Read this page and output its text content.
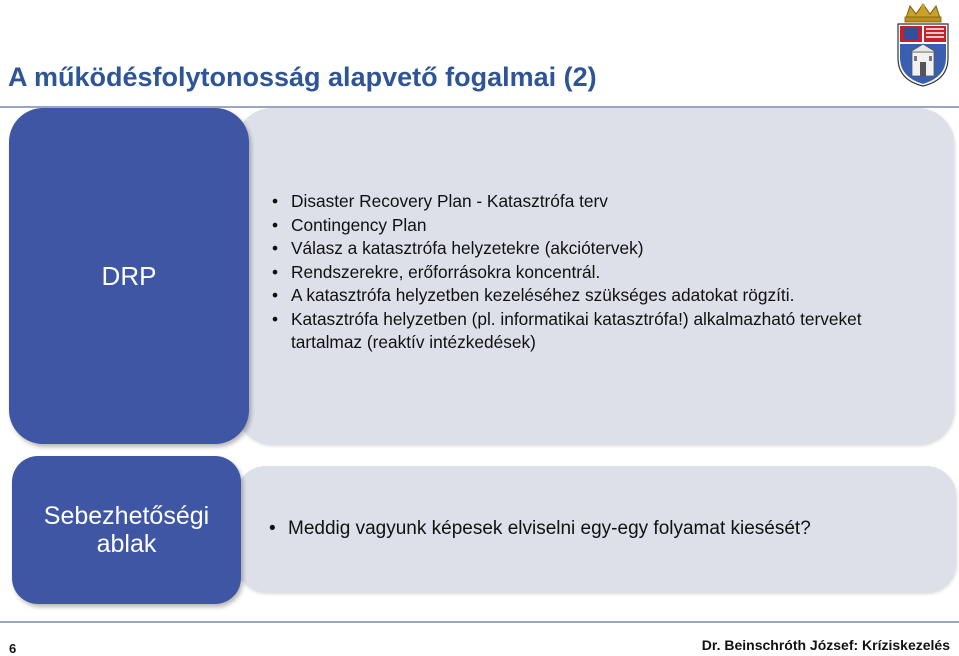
A működésfolytonosság alapvető fogalmai (2)
DRP
• Disaster Recovery Plan - Katasztrófa terv
• Contingency Plan
• Válasz a katasztrófa helyzetekre (akciótervek)
• Rendszerekre, erőforrásokra koncentrál.
• A katasztrófa helyzetben kezeléséhez szükséges adatokat rögzíti.
• Katasztrófa helyzetben (pl. informatikai katasztrófa!) alkalmazható terveket tartalmaz (reaktív intézkedések)
Sebezhetőségi ablak
• Meddig vagyunk képesek elviselni egy-egy folyamat kiesését?
6	Dr. Beinschróth József: Kríziskezelés
